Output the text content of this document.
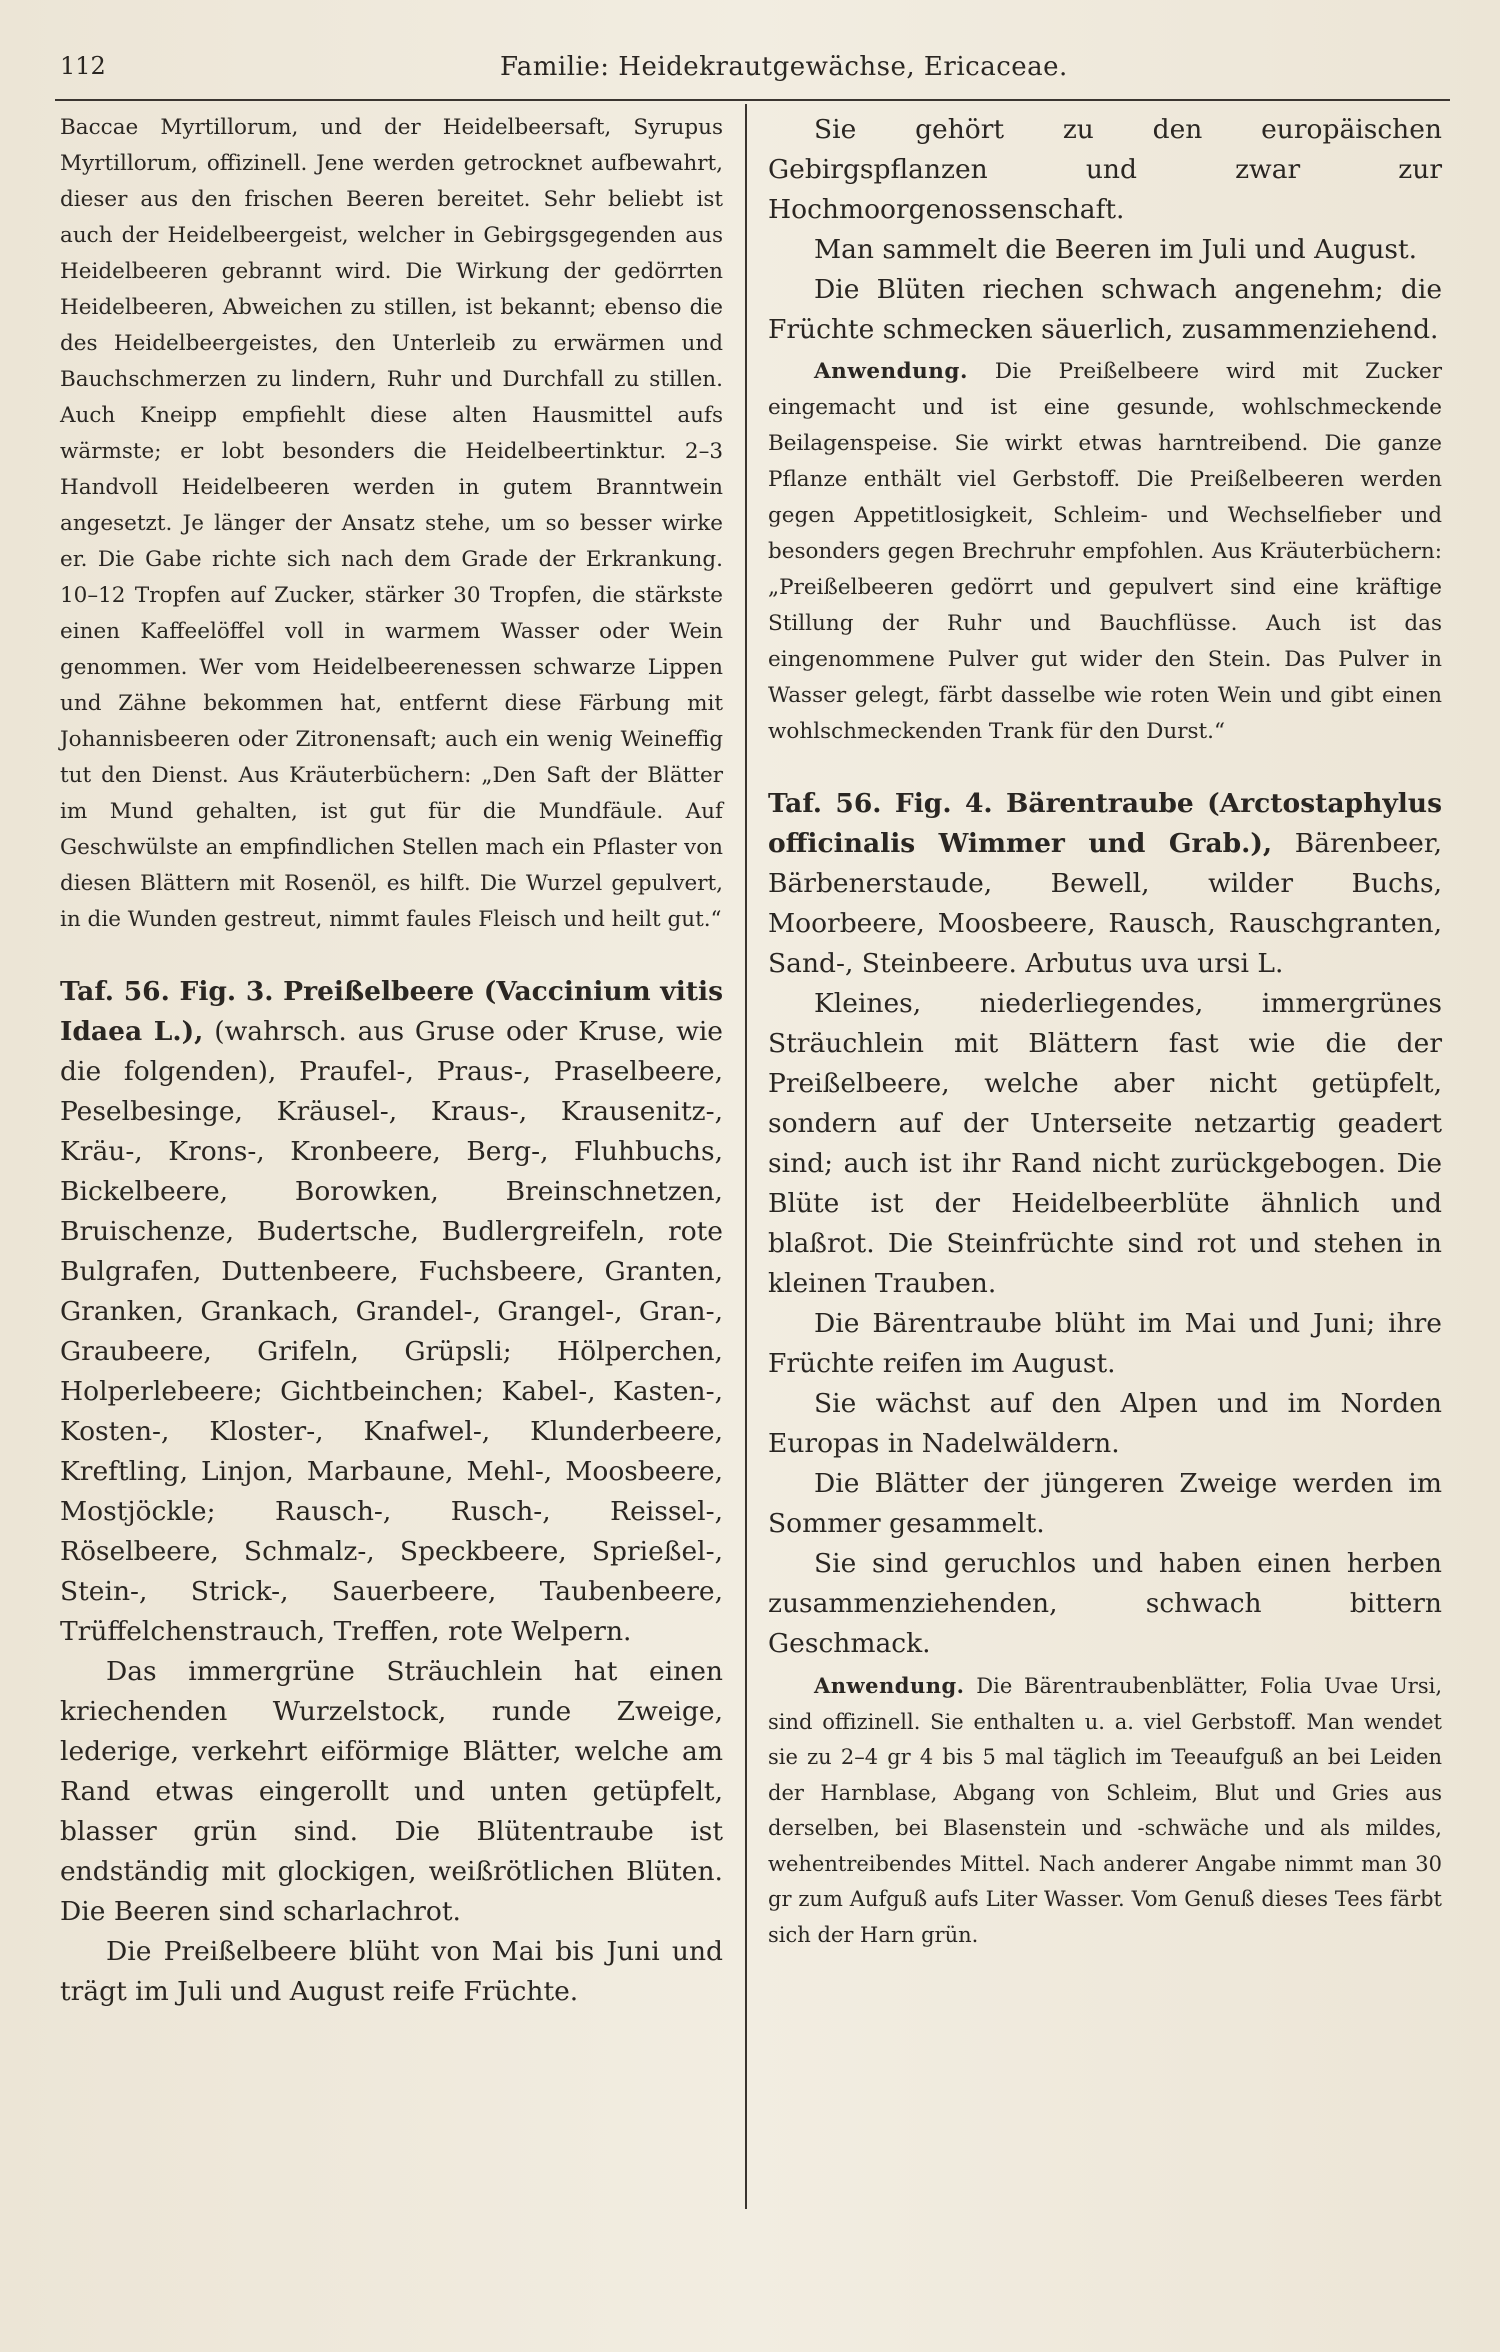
112	Familie: Heidekrautgewächse, Ericaceae.

Baccae Myrtillorum, und der Heidelbeersaft, Syrupus Myrtillorum, offizinell. Jene werden getrocknet aufbewahrt, dieser aus den frischen Beeren bereitet. Sehr beliebt ist auch der Heidelbeergeist, welcher in Gebirgsgegenden aus Heidelbeeren gebrannt wird. Die Wirkung der gedörrten Heidelbeeren, Abweichen zu stillen, ist bekannt; ebenso die des Heidelbeergeistes, den Unterleib zu erwärmen und Bauchschmerzen zu lindern, Ruhr und Durchfall zu stillen. Auch Kneipp empfiehlt diese alten Hausmittel aufs wärmste; er lobt besonders die Heidelbeertinktur. 2–3 Handvoll Heidelbeeren werden in gutem Branntwein angesetzt. Je länger der Ansatz stehe, um so besser wirke er. Die Gabe richte sich nach dem Grade der Erkrankung. 10–12 Tropfen auf Zucker, stärker 30 Tropfen, die stärkste einen Kaffeelöffel voll in warmem Wasser oder Wein genommen. Wer vom Heidelbeerenessen schwarze Lippen und Zähne bekommen hat, entfernt diese Färbung mit Johannisbeeren oder Zitronensaft; auch ein wenig Weineffig tut den Dienst. Aus Kräuterbüchern: „Den Saft der Blätter im Mund gehalten, ist gut für die Mundfäule. Auf Geschwülste an empfindlichen Stellen mach ein Pflaster von diesen Blättern mit Rosenöl, es hilft. Die Wurzel gepulvert, in die Wunden gestreut, nimmt faules Fleisch und heilt gut.“

Taf. 56. Fig. 3. Preißelbeere (Vaccinium vitis Idaea L.), (wahrsch. aus Gruse oder Kruse, wie die folgenden), Praufel-, Praus-, Praselbeere, Peselbesinge, Kräusel-, Kraus-, Krausenitz-, Kräu-, Krons-, Kronbeere, Berg-, Fluhbuchs, Bickelbeere, Borowken, Breinschnetzen, Bruischenze, Budertsche, Budlergreifeln, rote Bulgrafen, Duttenbeere, Fuchsbeere, Granten, Granken, Grankach, Grandel-, Grangel-, Gran-, Graubeere, Grifeln, Grüpsli; Hölperchen, Holperlebeere; Gichtbeinchen; Kabel-, Kasten-, Kosten-, Kloster-, Knafwel-, Klunderbeere, Kreftling, Linjon, Marbaune, Mehl-, Moosbeere, Mostjöckle; Rausch-, Rusch-, Reissel-, Röselbeere, Schmalz-, Speckbeere, Sprießel-, Stein-, Strick-, Sauerbeere, Taubenbeere, Trüffelchenstrauch, Treffen, rote Welpern.

Das immergrüne Sträuchlein hat einen kriechenden Wurzelstock, runde Zweige, lederige, verkehrt eiförmige Blätter, welche am Rand etwas eingerollt und unten getüpfelt, blasser grün sind. Die Blütentraube ist endständig mit glockigen, weißrötlichen Blüten. Die Beeren sind scharlachrot.

Die Preißelbeere blüht von Mai bis Juni und trägt im Juli und August reife Früchte.

Sie gehört zu den europäischen Gebirgspflanzen und zwar zur Hochmoorgenossenschaft.

Man sammelt die Beeren im Juli und August.

Die Blüten riechen schwach angenehm; die Früchte schmecken säuerlich, zusammenziehend.

Anwendung. Die Preißelbeere wird mit Zucker eingemacht und ist eine gesunde, wohlschmeckende Beilagenspeise. Sie wirkt etwas harntreibend. Die ganze Pflanze enthält viel Gerbstoff. Die Preißelbeeren werden gegen Appetitlosigkeit, Schleim- und Wechselfieber und besonders gegen Brechruhr empfohlen. Aus Kräuterbüchern: „Preißelbeeren gedörrt und gepulvert sind eine kräftige Stillung der Ruhr und Bauchflüsse. Auch ist das eingenommene Pulver gut wider den Stein. Das Pulver in Wasser gelegt, färbt dasselbe wie roten Wein und gibt einen wohlschmeckenden Trank für den Durst.“

Taf. 56. Fig. 4. Bärentraube (Arctostaphylus officinalis Wimmer und Grab.), Bärenbeer, Bärbenerstaude, Bewell, wilder Buchs, Moorbeere, Moosbeere, Rausch, Rauschgranten, Sand-, Steinbeere. Arbutus uva ursi L.

Kleines, niederliegendes, immergrünes Sträuchlein mit Blättern fast wie die der Preißelbeere, welche aber nicht getüpfelt, sondern auf der Unterseite netzartig geadert sind; auch ist ihr Rand nicht zurückgebogen. Die Blüte ist der Heidelbeerblüte ähnlich und blaßrot. Die Steinfrüchte sind rot und stehen in kleinen Trauben.

Die Bärentraube blüht im Mai und Juni; ihre Früchte reifen im August.

Sie wächst auf den Alpen und im Norden Europas in Nadelwäldern.

Die Blätter der jüngeren Zweige werden im Sommer gesammelt.

Sie sind geruchlos und haben einen herben zusammenziehenden, schwach bittern Geschmack.

Anwendung. Die Bärentraubenblätter, Folia Uvae Ursi, sind offizinell. Sie enthalten u. a. viel Gerbstoff. Man wendet sie zu 2–4 gr 4 bis 5 mal täglich im Teeaufguß an bei Leiden der Harnblase, Abgang von Schleim, Blut und Gries aus derselben, bei Blasenstein und -schwäche und als mildes, wehentreibendes Mittel. Nach anderer Angabe nimmt man 30 gr zum Aufguß aufs Liter Wasser. Vom Genuß dieses Tees färbt sich der Harn grün.
